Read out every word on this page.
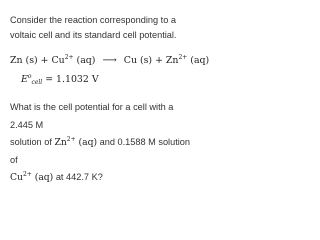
Consider the reaction corresponding to a voltaic cell and its standard cell potential.
Zn $(s) + Cu^{2+}$ (aq) ⟶ Cu $(s) + Zn^{2+}$ (aq)
$E^o_{cell} = 1.1032$ V
What is the cell potential for a cell with a 2.445 M
solution of $Zn^{2+}$ (aq) and 0.1588 M solution of
$Cu^{2+}$ (aq) at 442.7 K?
